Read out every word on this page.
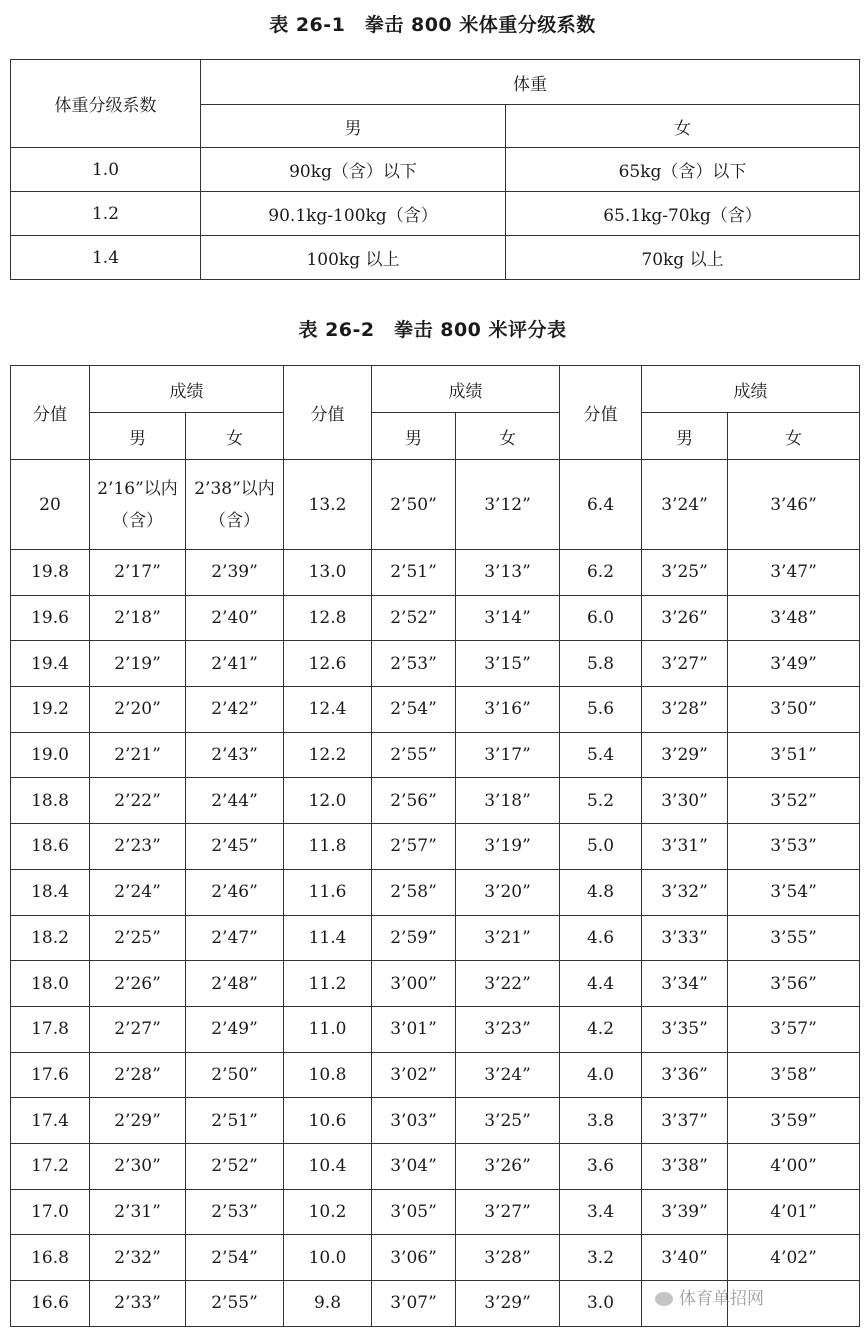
表 26-1　拳击 800 米体重分级系数
体重分级系数	体重	
	男	女
1.0	90kg（含）以下	65kg（含）以下
1.2	90.1kg-100kg（含）	65.1kg-70kg（含）
1.4	100kg 以上	70kg 以上
表 26-2　拳击 800 米评分表
分值	成绩		分值	成绩		分值	成绩	
	男	女		男	女		男	女
20	2’16”以内（含）	2’38”以内（含）	13.2	2’50”	3’12”	6.4	3’24”	3’46”
19.8	2’17”	2’39”	13.0	2’51”	3’13”	6.2	3’25”	3’47”
19.6	2’18”	2’40”	12.8	2’52”	3’14”	6.0	3’26”	3’48”
19.4	2’19”	2’41”	12.6	2’53”	3’15”	5.8	3’27”	3’49”
19.2	2’20”	2’42”	12.4	2’54”	3’16”	5.6	3’28”	3’50”
19.0	2’21”	2’43”	12.2	2’55”	3’17”	5.4	3’29”	3’51”
18.8	2’22”	2’44”	12.0	2’56”	3’18”	5.2	3’30”	3’52”
18.6	2’23”	2’45”	11.8	2’57”	3’19”	5.0	3’31”	3’53”
18.4	2’24”	2’46”	11.6	2’58”	3’20”	4.8	3’32”	3’54”
18.2	2’25”	2’47”	11.4	2’59”	3’21”	4.6	3’33”	3’55”
18.0	2’26”	2’48”	11.2	3’00”	3’22”	4.4	3’34”	3’56”
17.8	2’27”	2’49”	11.0	3’01”	3’23”	4.2	3’35”	3’57”
17.6	2’28”	2’50”	10.8	3’02”	3’24”	4.0	3’36”	3’58”
17.4	2’29”	2’51”	10.6	3’03”	3’25”	3.8	3’37”	3’59”
17.2	2’30”	2’52”	10.4	3’04”	3’26”	3.6	3’38”	4’00”
17.0	2’31”	2’53”	10.2	3’05”	3’27”	3.4	3’39”	4’01”
16.8	2’32”	2’54”	10.0	3’06”	3’28”	3.2	3’40”	4’02”
16.6	2’33”	2’55”	9.8	3’07”	3’29”	3.0			体育单招网
